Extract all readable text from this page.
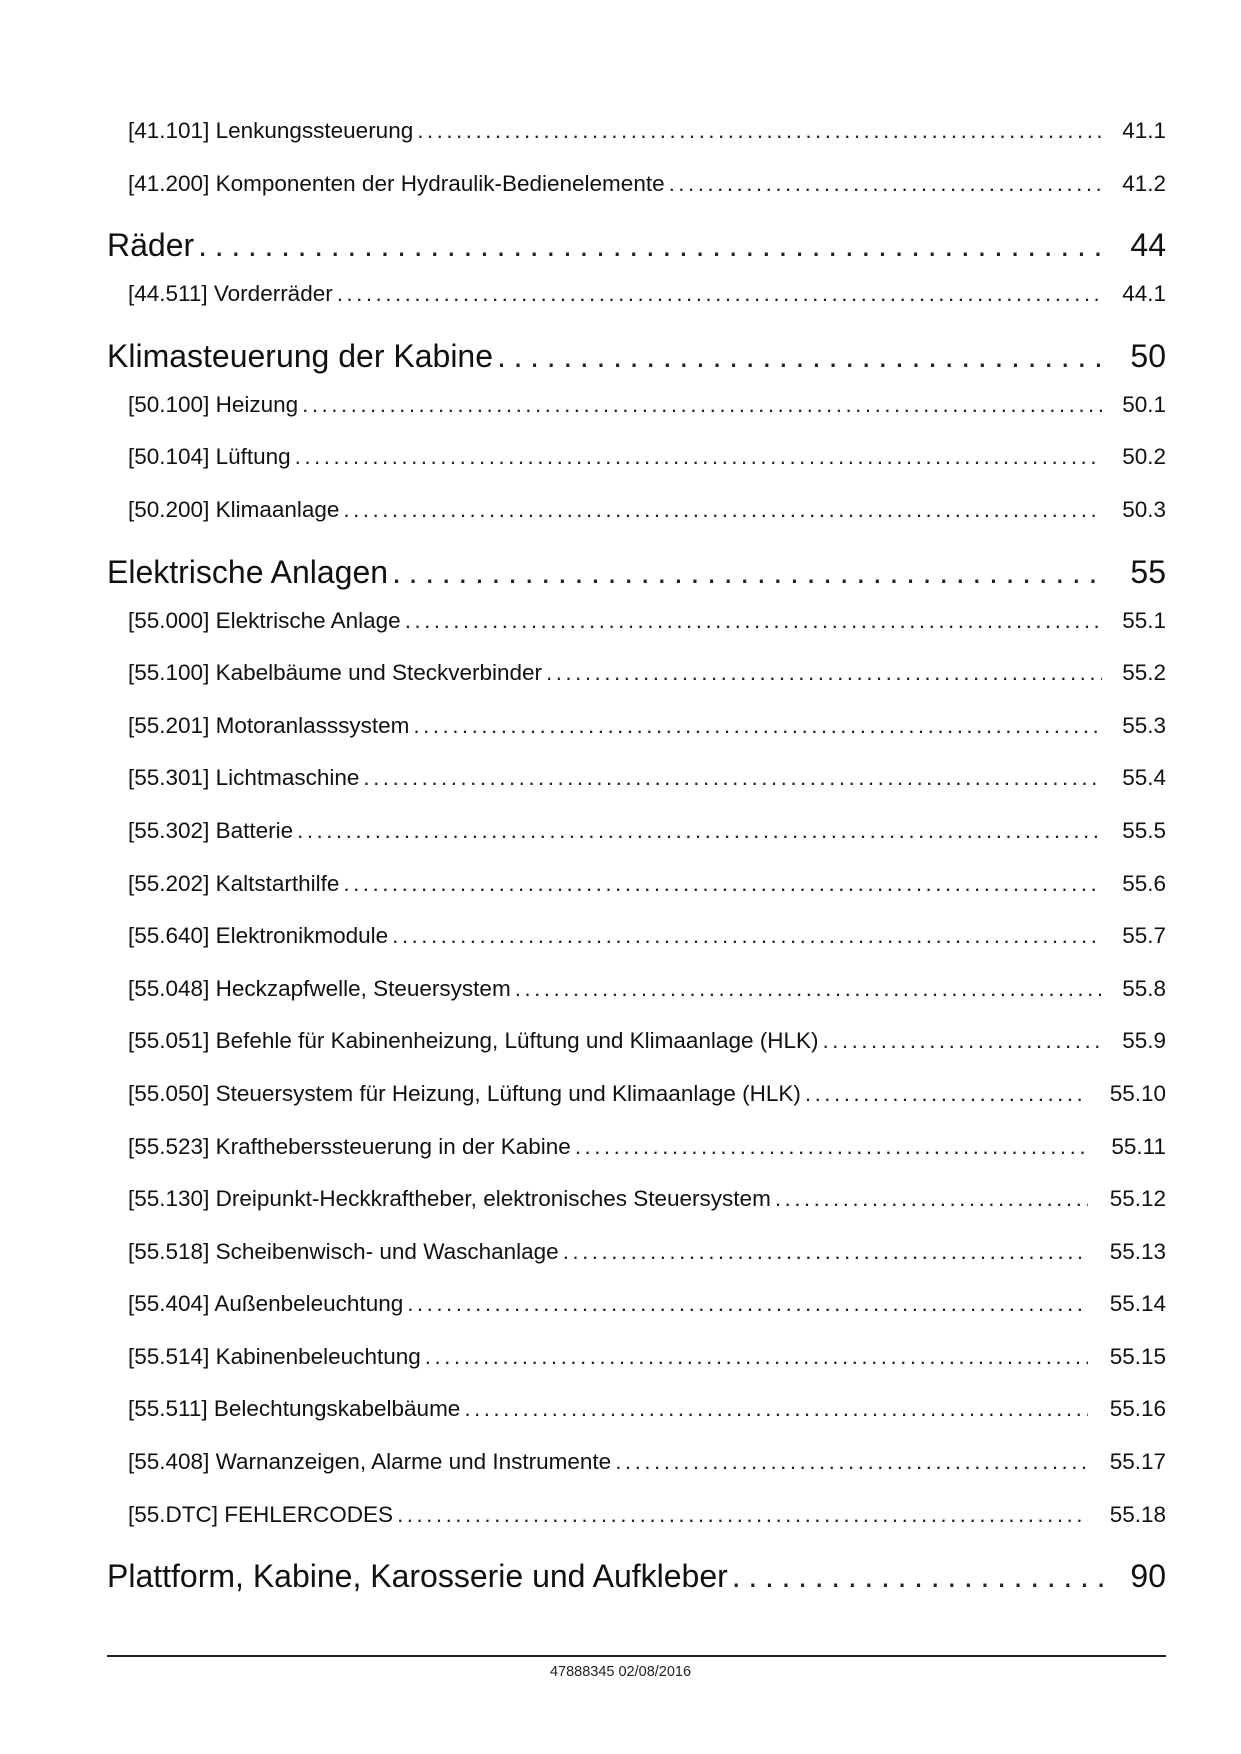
[41.101] Lenkungssteuerung . . .	41.1
[41.200] Komponenten der Hydraulik-Bedienelemente . . .	41.2
Räder . . .	44
[44.511] Vorderräder . . .	44.1
Klimasteuerung der Kabine . . .	50
[50.100] Heizung . . .	50.1
[50.104] Lüftung . . .	50.2
[50.200] Klimaanlage . . .	50.3
Elektrische Anlagen . . .	55
[55.000] Elektrische Anlage . . .	55.1
[55.100] Kabelbäume und Steckverbinder . . .	55.2
[55.201] Motoranlasssystem . . .	55.3
[55.301] Lichtmaschine . . .	55.4
[55.302] Batterie . . .	55.5
[55.202] Kaltstarthilfe . . .	55.6
[55.640] Elektronikmodule . . .	55.7
[55.048] Heckzapfwelle, Steuersystem . . .	55.8
[55.051] Befehle für Kabinenheizung, Lüftung und Klimaanlage (HLK) . . .	55.9
[55.050] Steuersystem für Heizung, Lüftung und Klimaanlage (HLK) . . .	55.10
[55.523] Kraftheberssteuerung in der Kabine . . .	55.11
[55.130] Dreipunkt-Heckkraftheber, elektronisches Steuersystem . . .	55.12
[55.518] Scheibenwisch- und Waschanlage . . .	55.13
[55.404] Außenbeleuchtung . . .	55.14
[55.514] Kabinenbeleuchtung . . .	55.15
[55.511] Belechtungskabelbäume . . .	55.16
[55.408] Warnanzeigen, Alarme und Instrumente . . .	55.17
[55.DTC] FEHLERCODES . . .	55.18
Plattform, Kabine, Karosserie und Aufkleber . . .	90
47888345 02/08/2016
